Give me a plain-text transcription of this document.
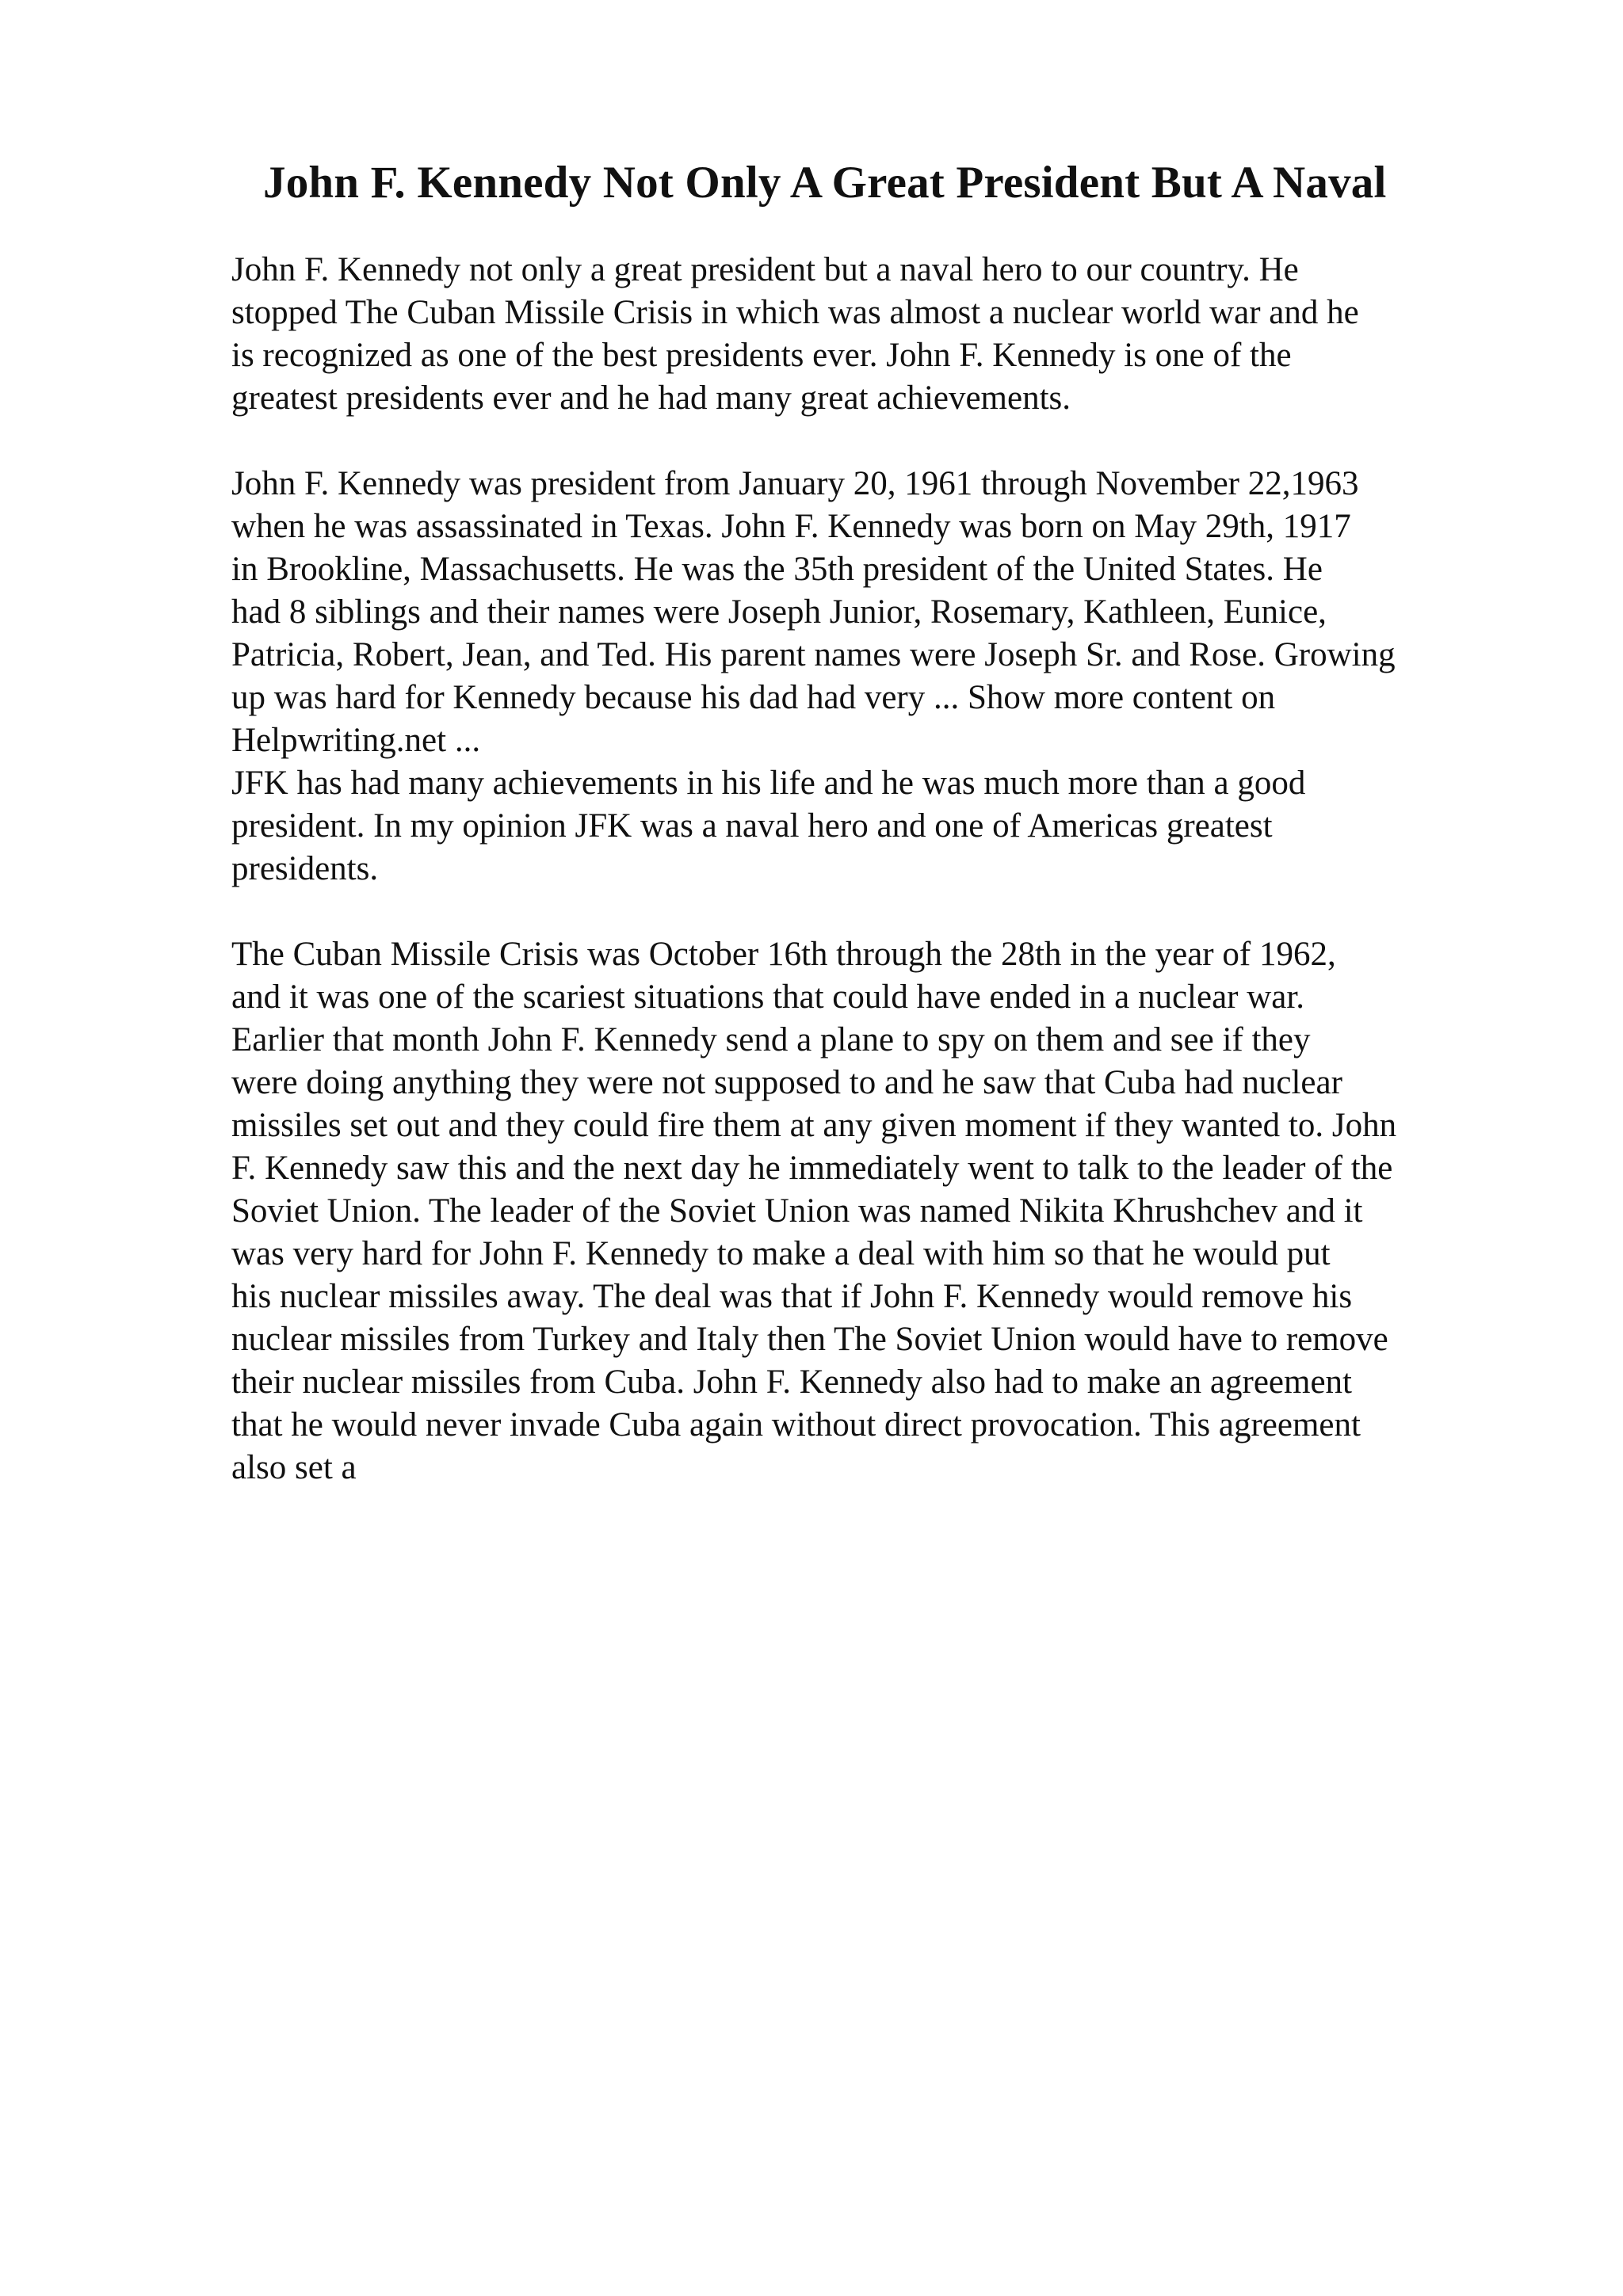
John F. Kennedy Not Only A Great President But A Naval

John F. Kennedy not only a great president but a naval hero to our country. He
stopped The Cuban Missile Crisis in which was almost a nuclear world war and he
is recognized as one of the best presidents ever. John F. Kennedy is one of the
greatest presidents ever and he had many great achievements.

John F. Kennedy was president from January 20, 1961 through November 22,1963
when he was assassinated in Texas. John F. Kennedy was born on May 29th, 1917
in Brookline, Massachusetts. He was the 35th president of the United States. He
had 8 siblings and their names were Joseph Junior, Rosemary, Kathleen, Eunice,
Patricia, Robert, Jean, and Ted. His parent names were Joseph Sr. and Rose. Growing
up was hard for Kennedy because his dad had very ... Show more content on
Helpwriting.net ...

JFK has had many achievements in his life and he was much more than a good
president. In my opinion JFK was a naval hero and one of Americas greatest
presidents.

The Cuban Missile Crisis was October 16th through the 28th in the year of 1962,
and it was one of the scariest situations that could have ended in a nuclear war.
Earlier that month John F. Kennedy send a plane to spy on them and see if they
were doing anything they were not supposed to and he saw that Cuba had nuclear
missiles set out and they could fire them at any given moment if they wanted to. John
F. Kennedy saw this and the next day he immediately went to talk to the leader of the
Soviet Union. The leader of the Soviet Union was named Nikita Khrushchev and it
was very hard for John F. Kennedy to make a deal with him so that he would put
his nuclear missiles away. The deal was that if John F. Kennedy would remove his
nuclear missiles from Turkey and Italy then The Soviet Union would have to remove
their nuclear missiles from Cuba. John F. Kennedy also had to make an agreement
that he would never invade Cuba again without direct provocation. This agreement
also set a
